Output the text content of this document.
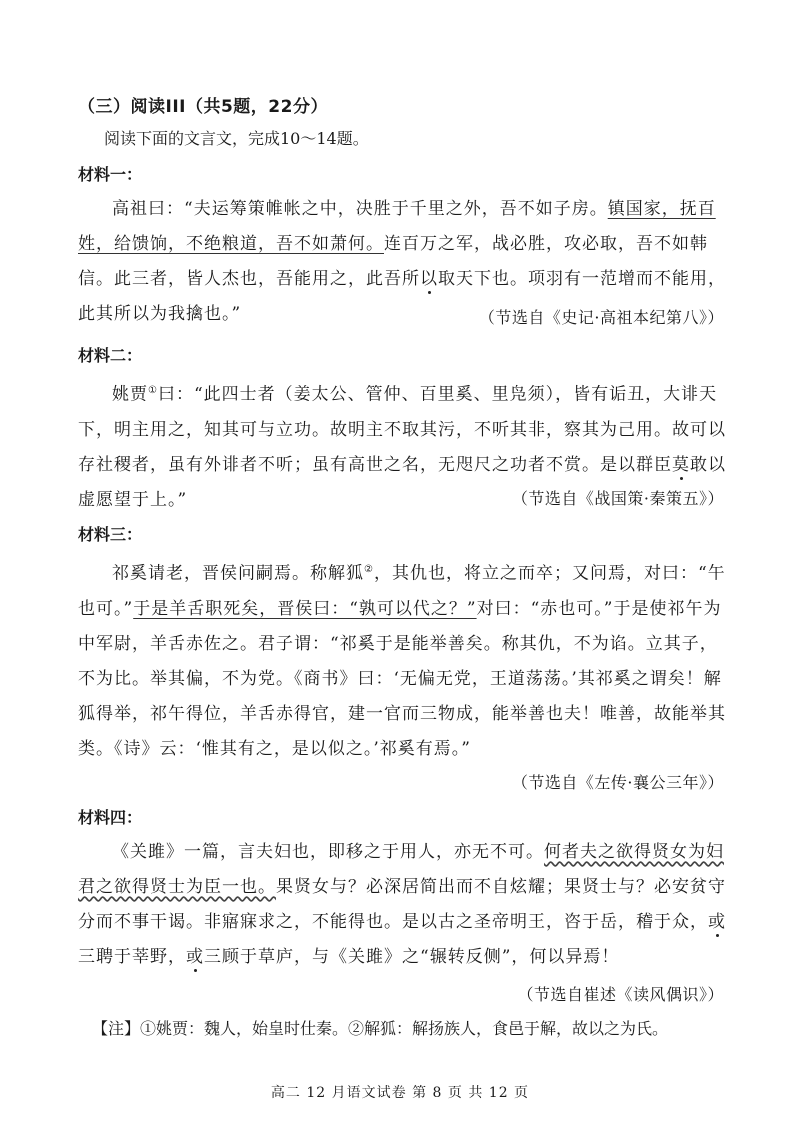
（三）阅读III（共5题，22分）
阅读下面的文言文，完成10～14题。
材料一：

高祖曰：“夫运筹策帷帐之中，决胜于千里之外，吾不如子房。镇国家，抚百姓，给馈饷，不绝粮道，吾不如萧何。连百万之军，战必胜，攻必取，吾不如韩信。此三者，皆人杰也，吾能用之，此吾所以取天下也。项羽有一范增而不能用，此其所以为我擒也。”	（节选自《史记·高祖本纪第八》）
材料二：

姚贾①曰：“此四士者（姜太公、管仲、百里奚、里凫须），皆有诟丑，大诽天下，明主用之，知其可与立功。故明主不取其污，不听其非，察其为己用。故可以存社稷者，虽有外诽者不听；虽有高世之名，无咫尺之功者不赏。是以群臣莫敢以虚愿望于上。”	（节选自《战国策·秦策五》）
材料三：

祁奚请老，晋侯问嗣焉。称解狐②，其仇也，将立之而卒；又问焉，对曰：“午也可。”于是羊舌职死矣，晋侯曰：“孰可以代之？”对曰：“赤也可。”于是使祁午为中军尉，羊舌赤佐之。君子谓：“祁奚于是能举善矣。称其仇，不为谄。立其子，不为比。举其偏，不为党。《商书》曰：‘无偏无党，王道荡荡。’其祁奚之谓矣！解狐得举，祁午得位，羊舌赤得官，建一官而三物成，能举善也夫！唯善，故能举其类。《诗》云：‘惟其有之，是以似之。’祁奚有焉。”

（节选自《左传·襄公三年》）
材料四：

《关雎》一篇，言夫妇也，即移之于用人，亦无不可。何者夫之欲得贤女为妇君之欲得贤士为臣一也。果贤女与？必深居简出而不自炫耀；果贤士与？必安贫守分而不事干谒。非寤寐求之，不能得也。是以古之圣帝明王，咨于岳，稽于众，或三聘于莘野，或三顾于草庐，与《关雎》之“辗转反侧”，何以异焉！

（节选自崔述《读风偶识》）
【注】①姚贾：魏人，始皇时仕秦。②解狐：解扬族人，食邑于解，故以之为氏。
高二 12 月语文试卷 第 8 页 共 12 页
